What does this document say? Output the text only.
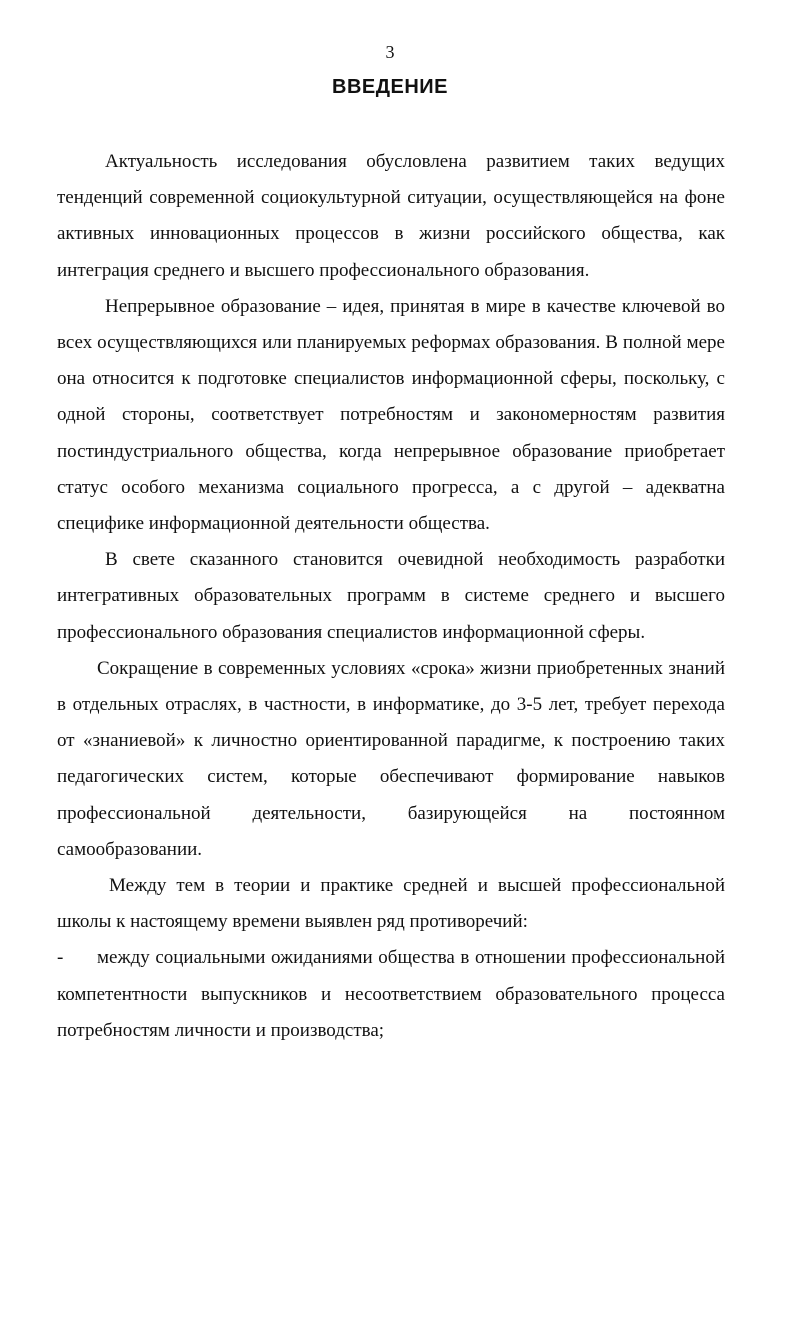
3
ВВЕДЕНИЕ

Актуальность исследования обусловлена развитием таких ведущих тенденций современной социокультурной ситуации, осуществляющейся на фоне активных инновационных процессов в жизни российского общества, как интеграция среднего и высшего профессионального образования.

Непрерывное образование – идея, принятая в мире в качестве ключевой во всех осуществляющихся или планируемых реформах образования. В полной мере она относится к подготовке специалистов информационной сферы, поскольку, с одной стороны, соответствует потребностям и закономерностям развития постиндустриального общества, когда непрерывное образование приобретает статус особого механизма социального прогресса, а с другой – адекватна специфике информационной деятельности общества.

В свете сказанного становится очевидной необходимость разработки интегративных образовательных программ в системе среднего и высшего профессионального образования специалистов информационной сферы.

Сокращение в современных условиях «срока» жизни приобретенных знаний в отдельных отраслях, в частности, в информатике, до 3-5 лет, требует перехода от «знаниевой» к личностно ориентированной парадигме, к построению таких педагогических систем, которые обеспечивают формирование навыков профессиональной деятельности, базирующейся на постоянном самообразовании.

Между тем в теории и практике средней и высшей профессиональной школы к настоящему времени выявлен ряд противоречий:

- между социальными ожиданиями общества в отношении профессиональной компетентности выпускников и несоответствием образовательного процесса потребностям личности и производства;
